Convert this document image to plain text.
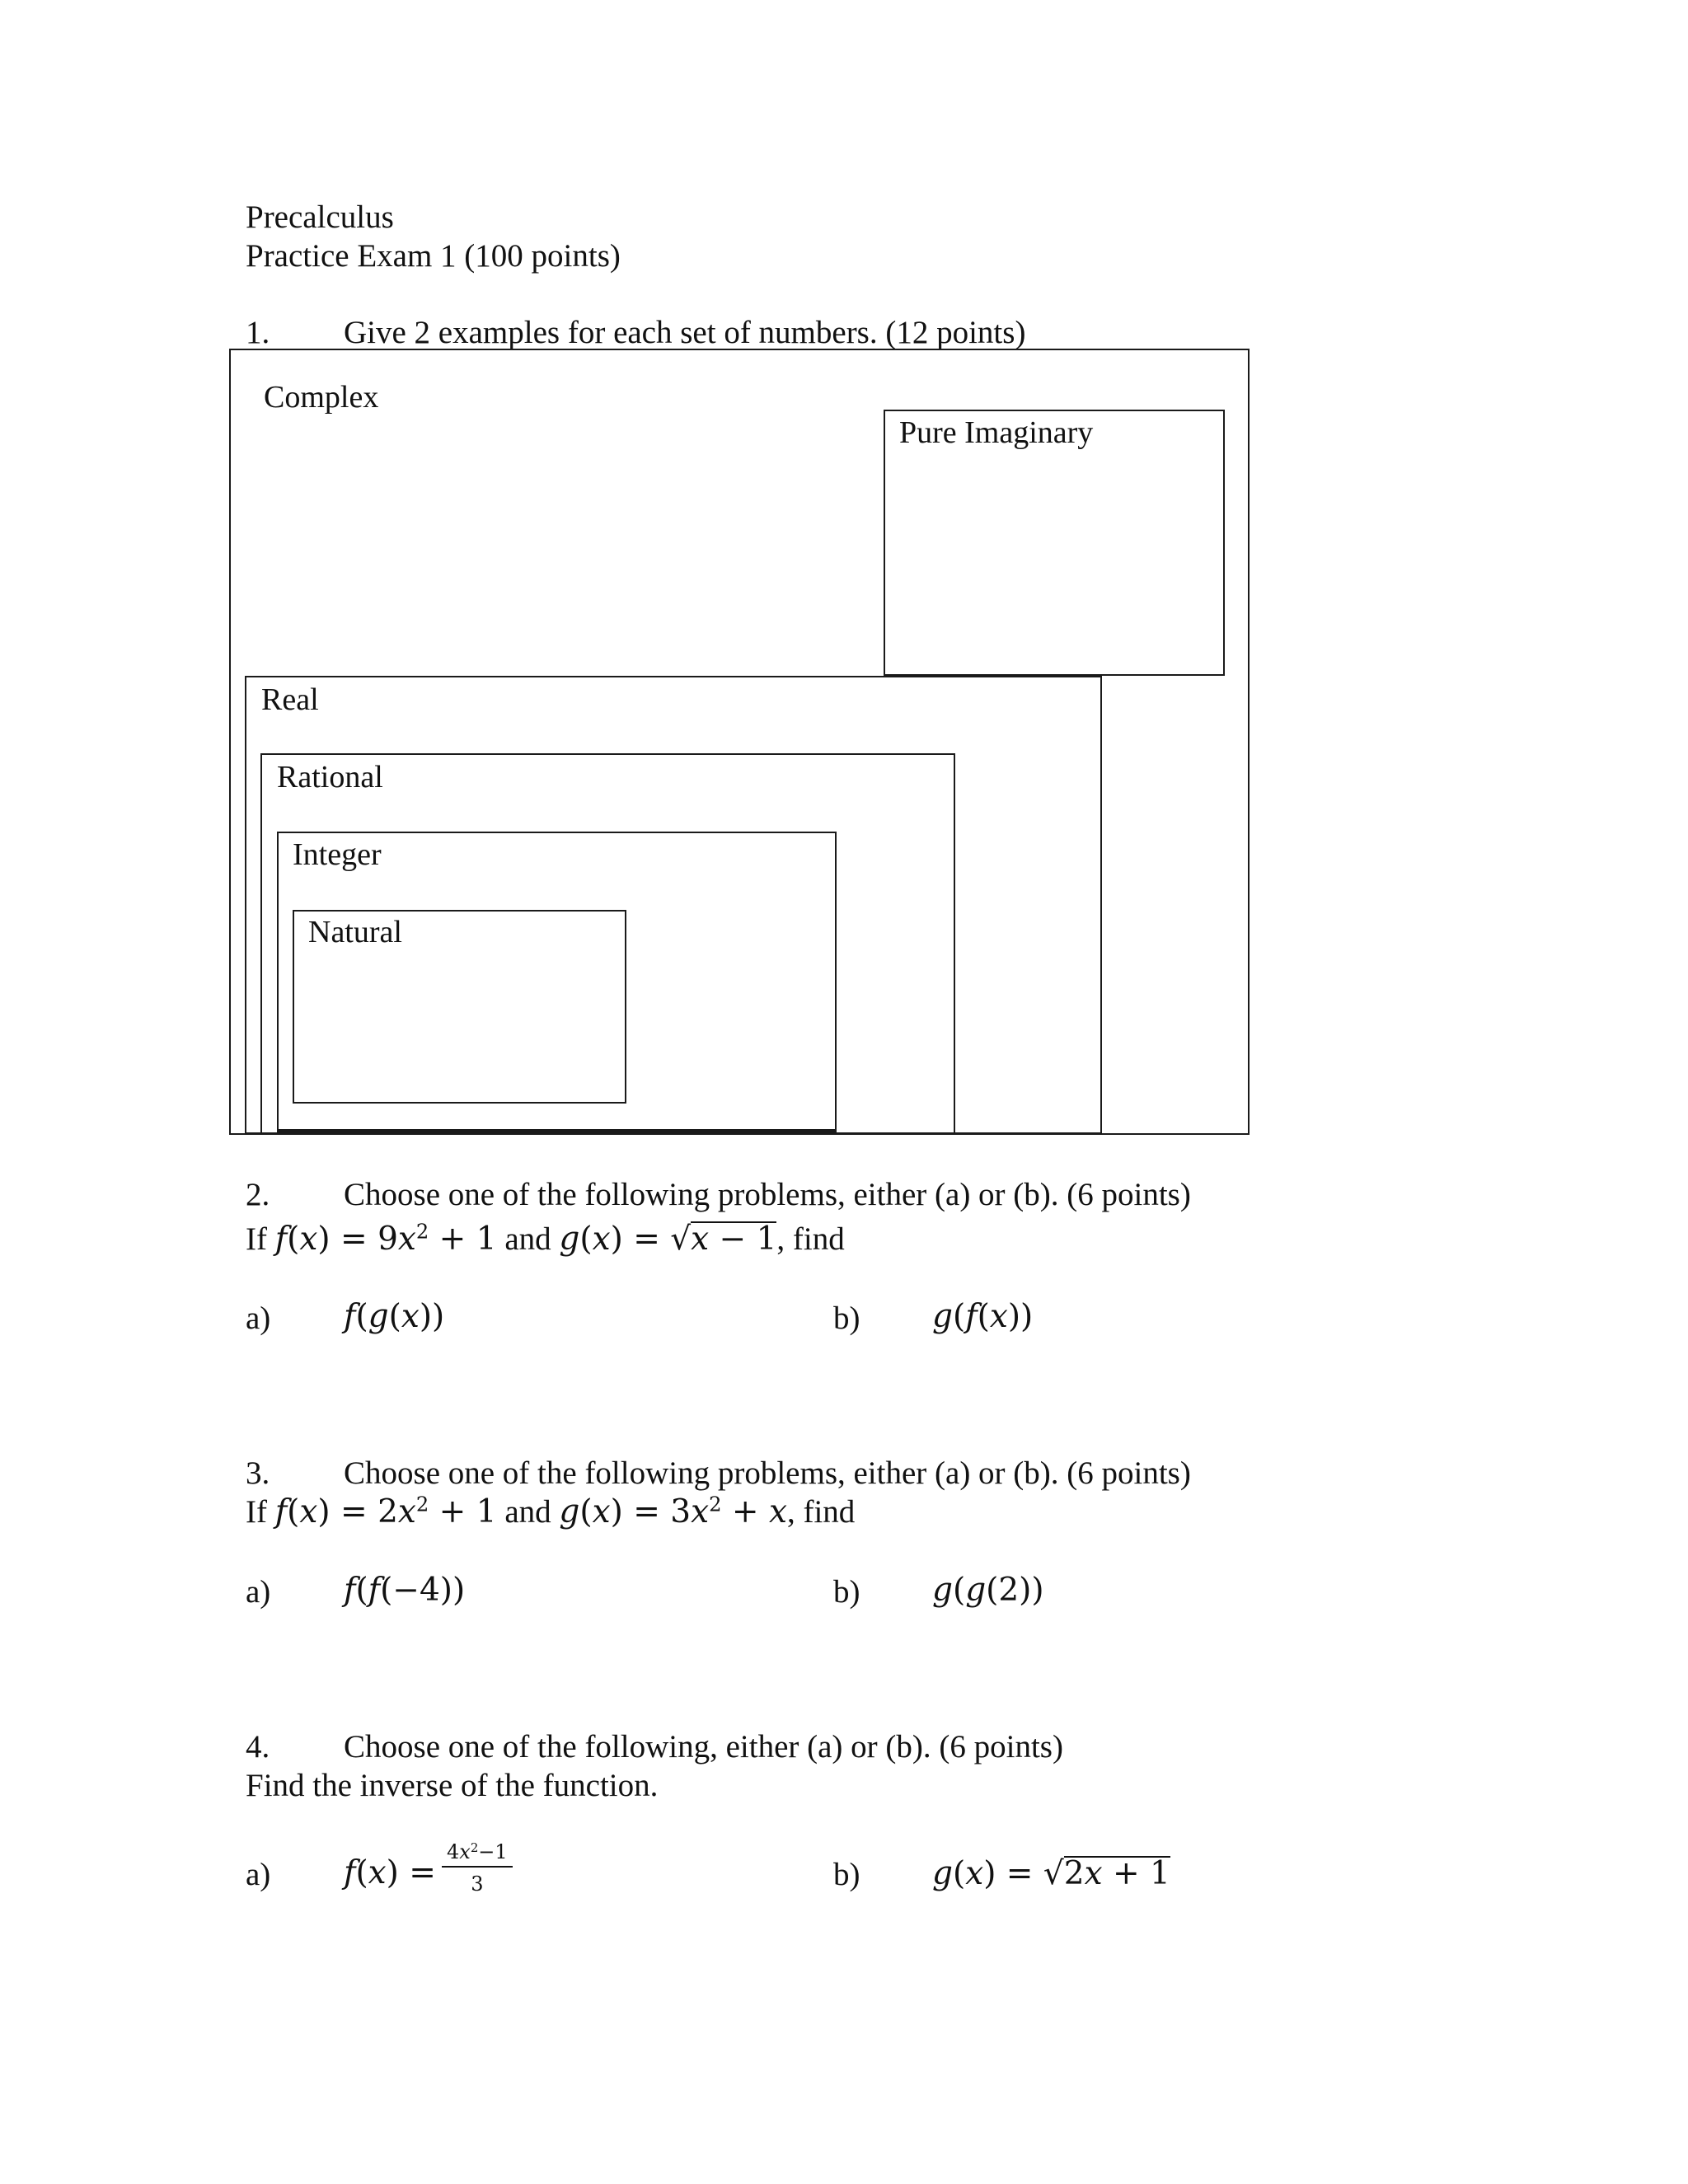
Precalculus
Practice Exam 1 (100 points)
1. Give 2 examples for each set of numbers. (12 points)
Complex
Pure Imaginary
Real
Rational
Integer
Natural
2. Choose one of the following problems, either (a) or (b). (6 points)
If $f(x) = 9x^2 + 1$ and g(x) = √x − 1, find
a) f(g(x))	b) g(f(x))
3. Choose one of the following problems, either (a) or (b). (6 points)
If $f(x) = 2x^2 + 1$ and $g(x) = 3x^2 + x$, find
a) f(f(−4))	b) g(g(2))
4. Choose one of the following, either (a) or (b). (6 points)
Find the inverse of the function.
a) $f(x) = \frac{4x^2-1}{3}$	b) g(x) = √2x + 1
